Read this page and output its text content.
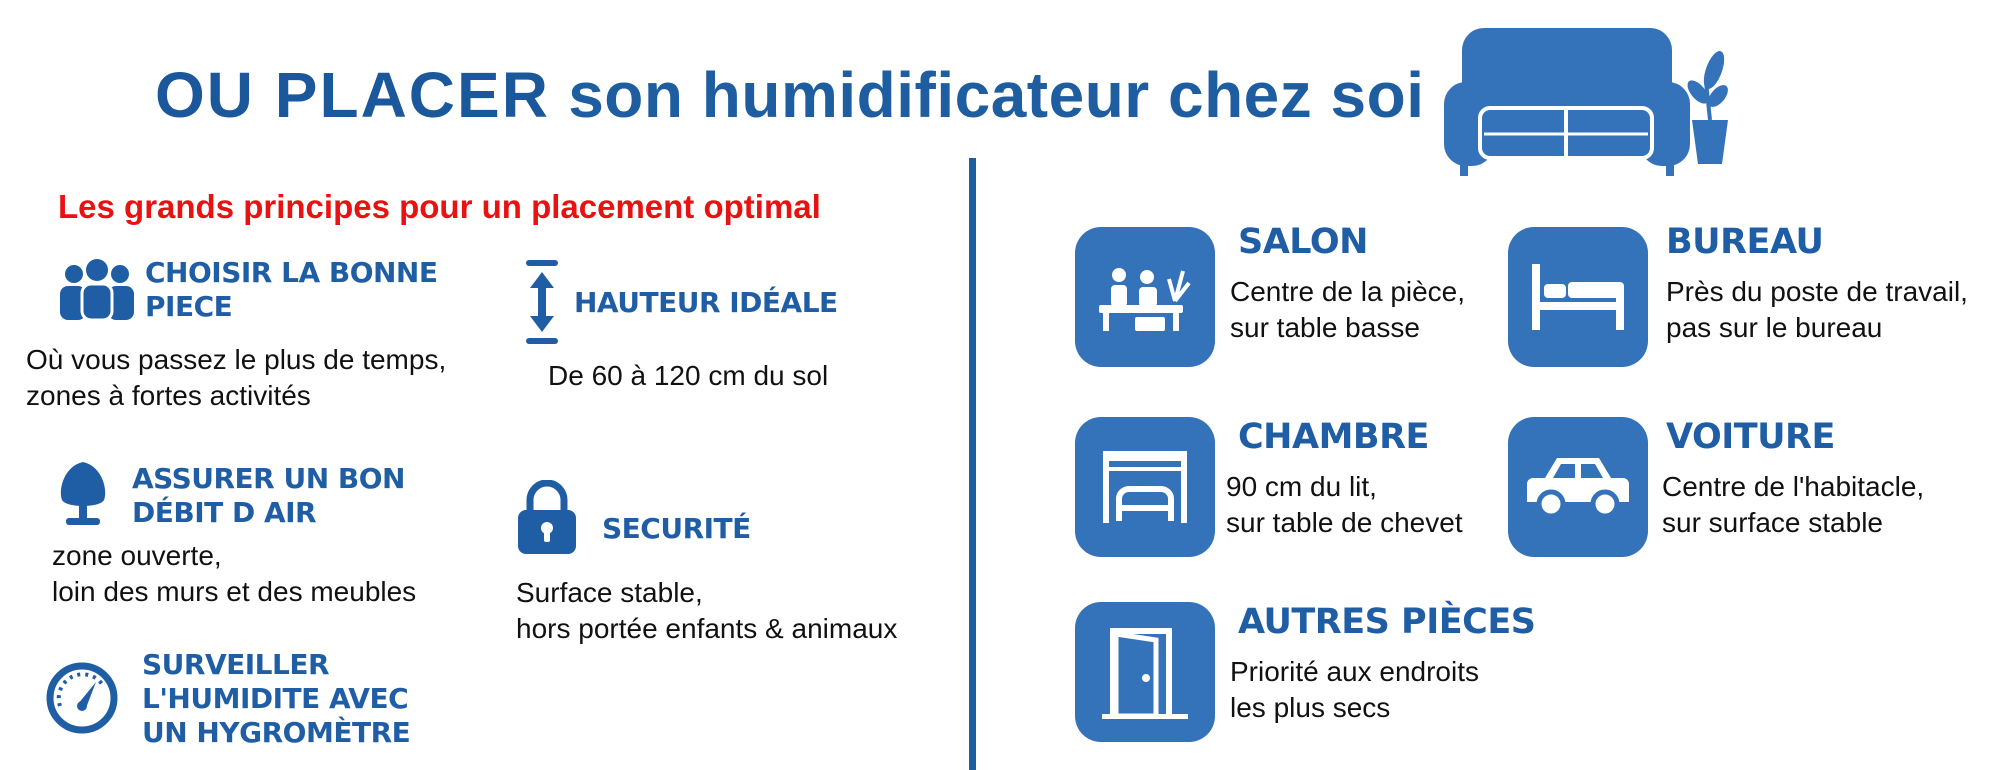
OU PLACER son humidificateur chez soi
Les grands principes pour un placement optimal
CHOISIR LA BONNE
PIECE
Où vous passez le plus de temps,
zones à fortes activités
HAUTEUR IDÉALE
De 60 à 120 cm du sol
ASSURER UN BON
DÉBIT D AIR
zone ouverte,
loin des murs et des meubles
SECURITÉ
Surface stable,
hors portée enfants & animaux
SURVEILLER
L'HUMIDITE AVEC
UN HYGROMÈTRE
SALON
Centre de la pièce,
sur table basse
BUREAU
Près du poste de travail,
pas sur le bureau
CHAMBRE
90 cm du lit,
sur table de chevet
VOITURE
Centre de l'habitacle,
sur surface stable
AUTRES PIÈCES
Priorité aux endroits
les plus secs
